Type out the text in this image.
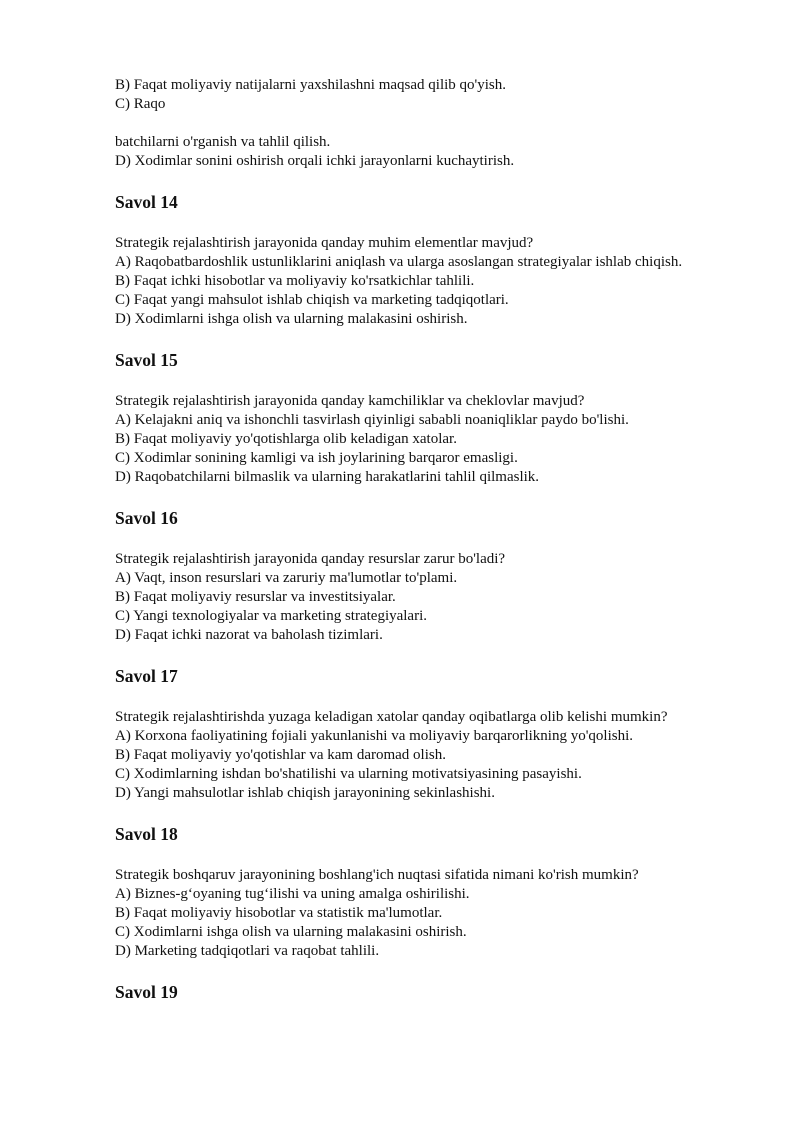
B) Faqat moliyaviy natijalarni yaxshilashni maqsad qilib qo'yish.

C) Raqo

batchilarni o'rganish va tahlil qilish.

D) Xodimlar sonini oshirish orqali ichki jarayonlarni kuchaytirish.

Savol 14

Strategik rejalashtirish jarayonida qanday muhim elementlar mavjud?

A) Raqobatbardoshlik ustunliklarini aniqlash va ularga asoslangan strategiyalar ishlab chiqish.

B) Faqat ichki hisobotlar va moliyaviy ko'rsatkichlar tahlili.

C) Faqat yangi mahsulot ishlab chiqish va marketing tadqiqotlari.

D) Xodimlarni ishga olish va ularning malakasini oshirish.

Savol 15

Strategik rejalashtirish jarayonida qanday kamchiliklar va cheklovlar mavjud?

A) Kelajakni aniq va ishonchli tasvirlash qiyinligi sababli noaniqliklar paydo bo'lishi.

B) Faqat moliyaviy yo'qotishlarga olib keladigan xatolar.

C) Xodimlar sonining kamligi va ish joylarining barqaror emasligi.

D) Raqobatchilarni bilmaslik va ularning harakatlarini tahlil qilmaslik.

Savol 16

Strategik rejalashtirish jarayonida qanday resurslar zarur bo'ladi?

A) Vaqt, inson resurslari va zaruriy ma'lumotlar to'plami.

B) Faqat moliyaviy resurslar va investitsiyalar.

C) Yangi texnologiyalar va marketing strategiyalari.

D) Faqat ichki nazorat va baholash tizimlari.

Savol 17

Strategik rejalashtirishda yuzaga keladigan xatolar qanday oqibatlarga olib kelishi mumkin?

A) Korxona faoliyatining fojiali yakunlanishi va moliyaviy barqarorlikning yo'qolishi.

B) Faqat moliyaviy yo'qotishlar va kam daromad olish.

C) Xodimlarning ishdan bo'shatilishi va ularning motivatsiyasining pasayishi.

D) Yangi mahsulotlar ishlab chiqish jarayonining sekinlashishi.

Savol 18

Strategik boshqaruv jarayonining boshlang'ich nuqtasi sifatida nimani ko'rish mumkin?

A) Biznes-g‘oyaning tug‘ilishi va uning amalga oshirilishi.

B) Faqat moliyaviy hisobotlar va statistik ma'lumotlar.

C) Xodimlarni ishga olish va ularning malakasini oshirish.

D) Marketing tadqiqotlari va raqobat tahlili.

Savol 19
